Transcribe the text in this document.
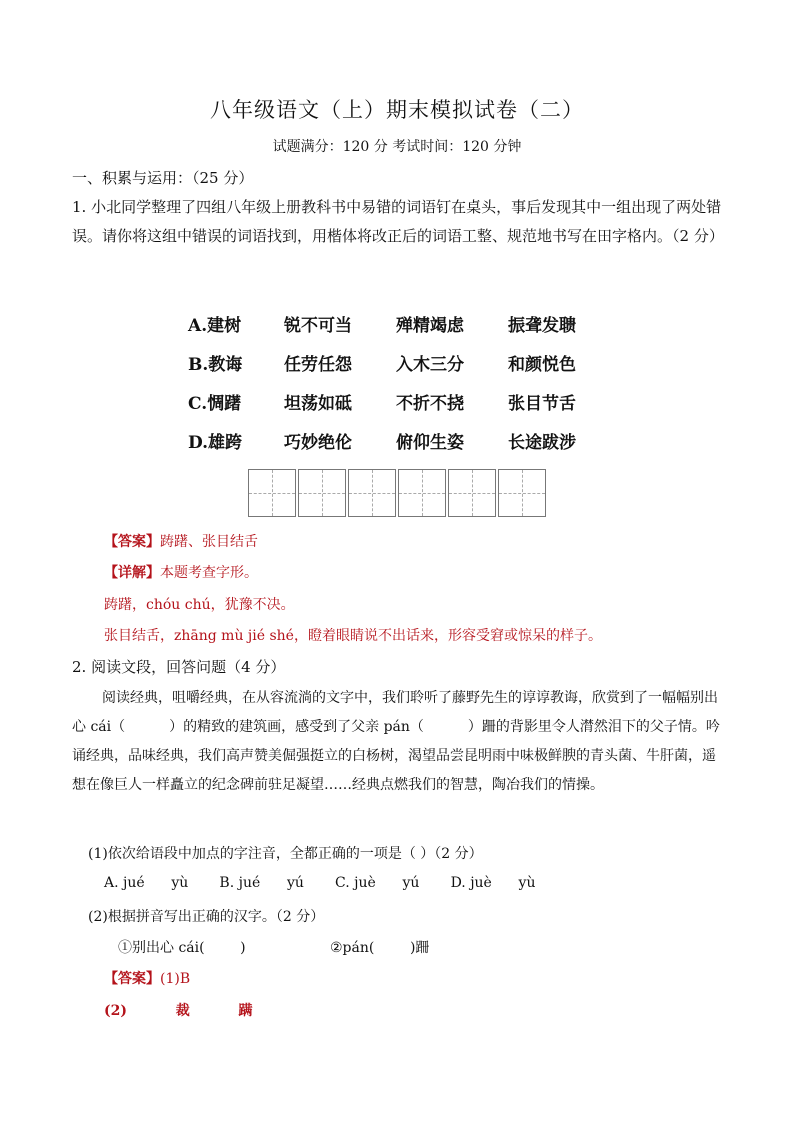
八年级语文（上）期末模拟试卷（二）
试题满分：120 分 考试时间：120 分钟
一、积累与运用：（25 分）
1. 小北同学整理了四组八年级上册教科书中易错的词语钉在桌头，事后发现其中一组出现了两处错误。请你将这组中错误的词语找到，用楷体将改正后的词语工整、规范地书写在田字格内。（2 分）
A.建树	锐不可当	殚精竭虑	振聋发聩
B.教诲	任劳任怨	入木三分	和颜悦色
C.惆躇	坦荡如砥	不折不挠	张目节舌
D.雄跨	巧妙绝伦	俯仰生姿	长途跋涉
【答案】踌躇、张目结舌
【详解】本题考查字形。
踌躇，chóu chú，犹豫不决。
张目结舌，zhāng mù jié shé，瞪着眼睛说不出话来，形容受窘或惊呆的样子。
2. 阅读文段，回答问题（4 分）
阅读经典，咀嚼经典，在从容流淌的文字中，我们聆听了藤野先生的谆谆教诲，欣赏到了一幅幅别出心 cái（	）的精致的建筑画，感受到了父亲 pán（	）跚的背影里令人潸然泪下的父子情。吟诵经典，品味经典，我们高声赞美倔强挺立的白杨树，渴望品尝昆明雨中味极鲜腴的青头菌、牛肝菌，遥想在像巨人一样矗立的纪念碑前驻足凝望……经典点燃我们的智慧，陶冶我们的情操。
(1)依次给语段中加点的字注音，全都正确的一项是（ ）（2 分）
A. jué      yù       B. jué      yú       C. juè      yú       D. juè      yù
(2)根据拼音写出正确的汉字。（2 分）
①别出心 cái(        )	②pán(        )跚
【答案】(1)B
(2)          裁          蹒
